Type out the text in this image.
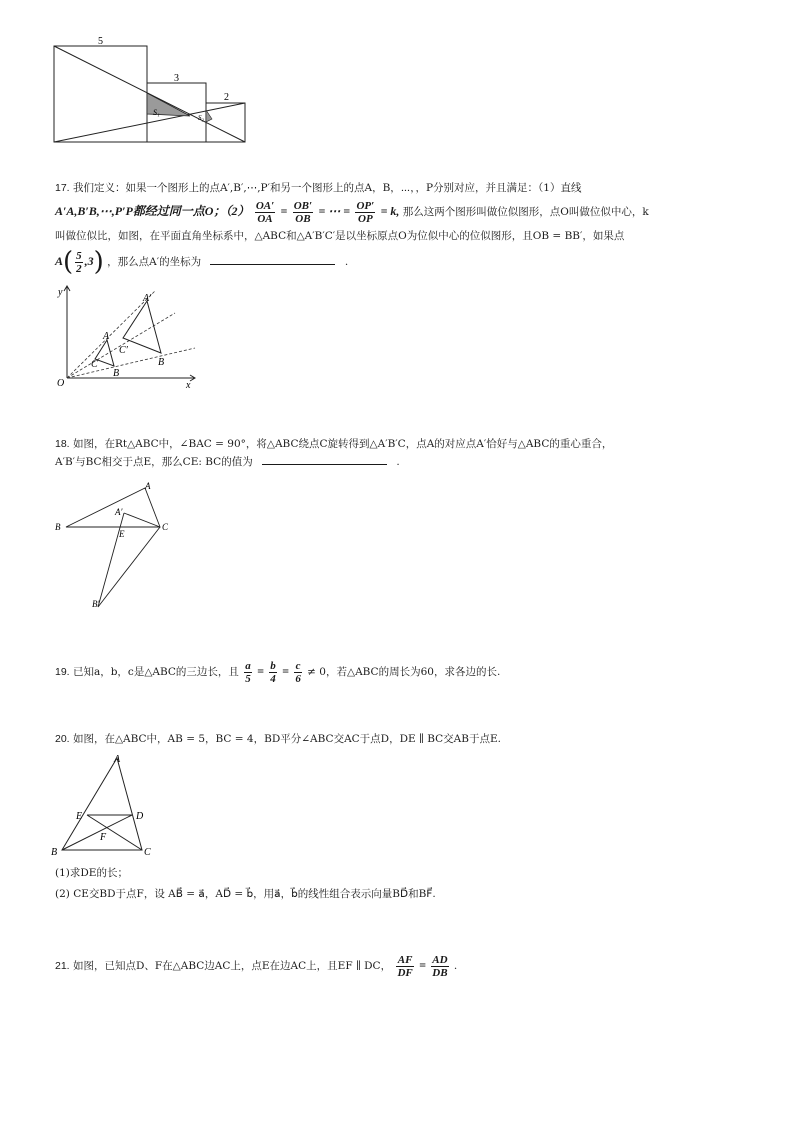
5
3
2
S₁
S₂
17. 我们定义：如果一个图形上的点A′,B′,⋯,P′和另一个图形上的点A，B，⋯，，P分别对应，并且满足：（1）直线
A′A,B′B,⋯,P′P都经过同一点O；$(2) \frac{OA'}{OA} = \frac{OB'}{OB}$ = ⋯ = $\frac{OP'}{OP} = k$, 那么这两个图形叫做位似图形，点O叫做位似中心，k
叫做位似比，如图，在平面直角坐标系中，△ABC和△A′B′C′是以坐标原点O为位似中心的位似图形，且OB = BB′，如果点
$A( \frac{5}{2} ,3)$ ，那么点A′的坐标为	.
y
x
O
A
A′
B
B
C
C′
18. 如图，在Rt△ABC中，∠BAC = 90°，将△ABC绕点C旋转得到△A′B′C，点A的对应点A′恰好与△ABC的重心重合，
A′B′与BC相交于点E，那么CE: BC的值为	.
A
A′
B	C
E
B′
19. 已知a，b，c是△ABC的三边长，且 $\frac{a}{5} = \frac{b}{4} = \frac{c}{6} \ne 0$，若△ABC的周长为60，求各边的长.
20. 如图，在△ABC中，AB = 5，BC = 4，BD平分∠ABC交AC于点D，DE ∥ BC交AB于点E.
A
B	C
D
E
F
(1)求DE的长；
(2) CE交BD于点F，设 AB⃗ = a⃗，AD⃗ = b⃗，用a⃗，b⃗的线性组合表示向量BD⃗和BF⃗.
21. 如图，已知点D、F在△ABC边AC上，点E在边AC上，且EF ∥ DC， $\frac{AF}{DF} = \frac{AD}{DB}$ .
